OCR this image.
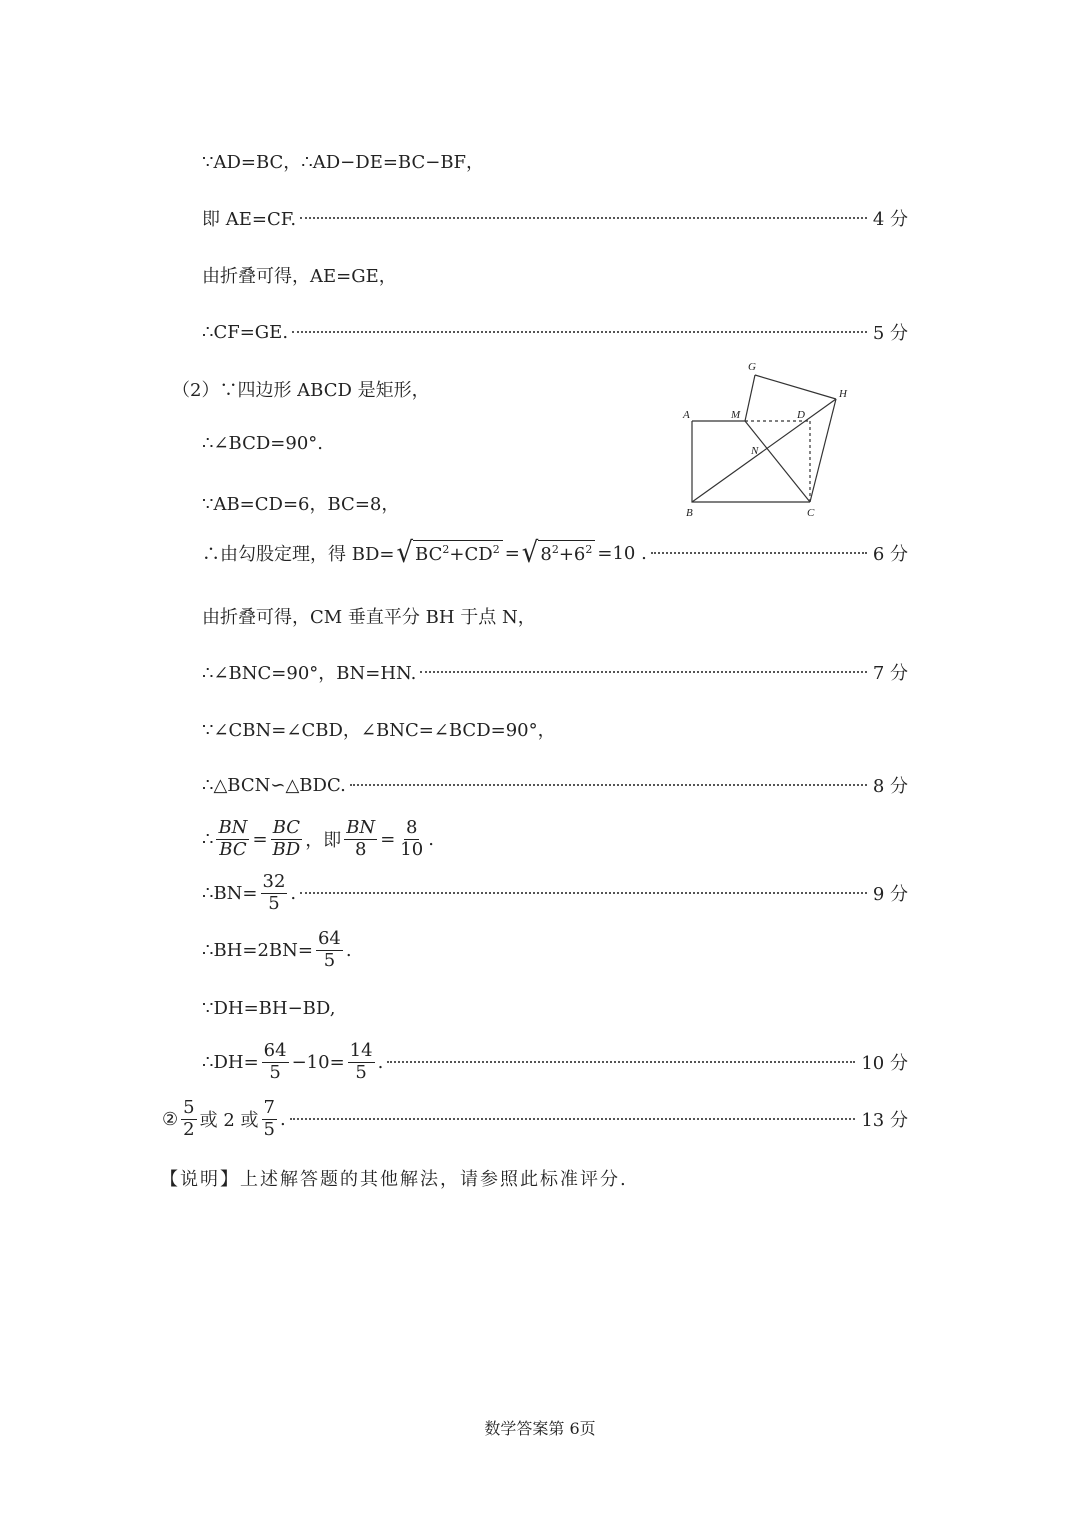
∵AD=BC，∴AD−DE=BC−BF，
即 AE=CF.	4 分
由折叠可得，AE=GE，
∴CF=GE.	5 分
（2）∵四边形 ABCD 是矩形，
∴∠BCD=90°.
∵AB=CD=6，BC=8，
∴由勾股定理，得 BD= √ $BC^2+CD^2$ = √ $8^2+6^2 =10$ .	6 分
由折叠可得，CM 垂直平分 BH 于点 N，
∴∠BNC=90°，BN=HN.	7 分
∵∠CBN=∠CBD，∠BNC=∠BCD=90°，
∴△BCN∽△BDC.	8 分
∴ $\frac{BN}{BC} = \frac{BC}{BD}$ ，即 $\frac{BN}{8} = \frac{8}{10}$ .
∴BN= $\frac{32}{5}$ .	9 分
∴BH=2BN= $\frac{64}{5}$ .
∵DH=BH−BD,
∴DH= $\frac{64}{5} -10= \frac{14}{5}$ .	10 分
② $\frac{5}{2}$ 或 2 或 $\frac{7}{5}$ .	13 分
【说明】上述解答题的其他解法，请参照此标准评分.
A
B	C
D
G
H
M
N
数学答案第 6页
